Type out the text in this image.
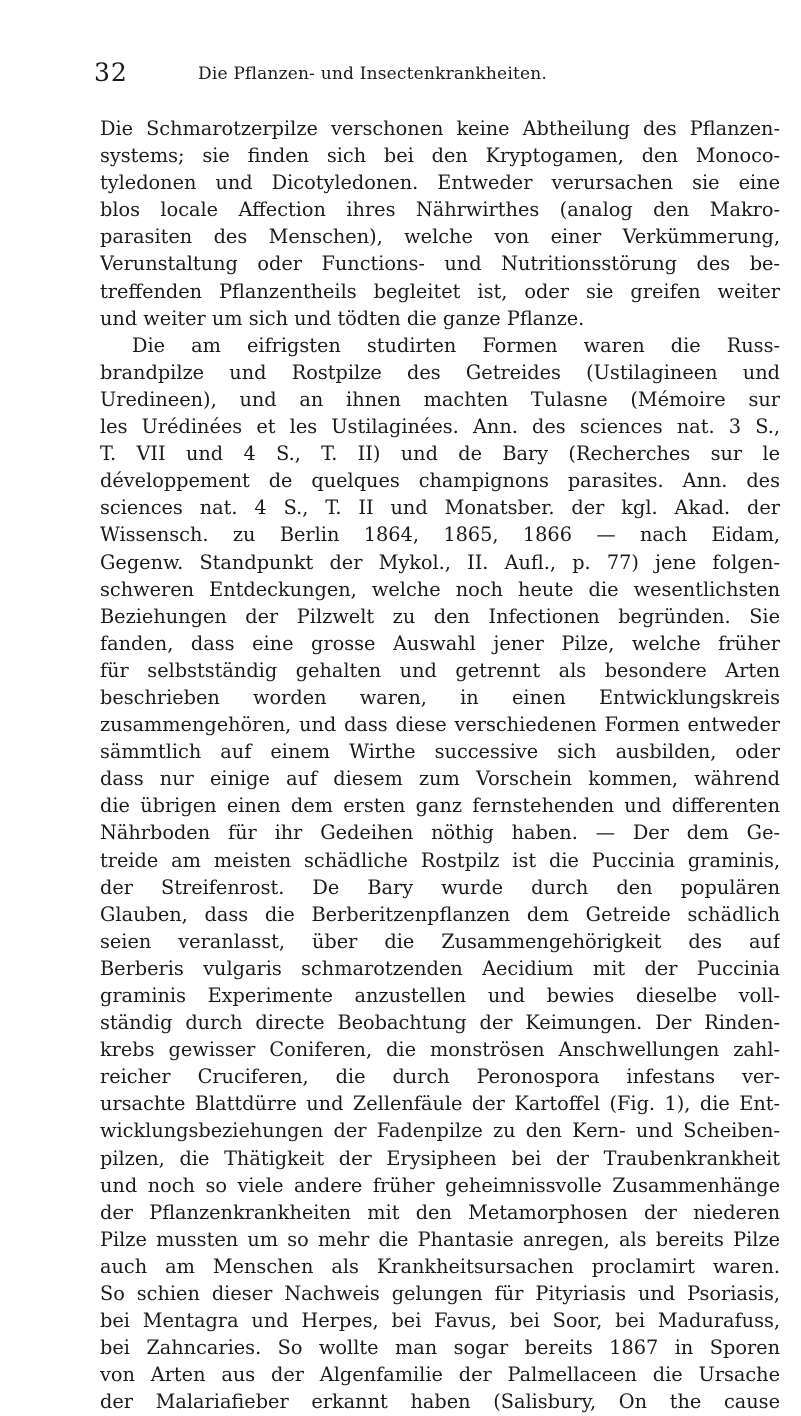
32	Die Pflanzen- und Insectenkrankheiten.
Die Schmarotzerpilze verschonen keine Abtheilung des Pflanzen-
systems; sie finden sich bei den Kryptogamen, den Monoco-
tyledonen und Dicotyledonen. Entweder verursachen sie eine
blos locale Affection ihres Nährwirthes (analog den Makro-
parasiten des Menschen), welche von einer Verkümmerung,
Verunstaltung oder Functions- und Nutritionsstörung des be-
treffenden Pflanzentheils begleitet ist, oder sie greifen weiter
und weiter um sich und tödten die ganze Pflanze.
Die am eifrigsten studirten Formen waren die Russ-
brandpilze und Rostpilze des Getreides (Ustilagineen und
Uredineen), und an ihnen machten Tulasne (Mémoire sur
les Urédinées et les Ustilaginées. Ann. des sciences nat. 3 S.,
T. VII und 4 S., T. II) und de Bary (Recherches sur le
développement de quelques champignons parasites. Ann. des
sciences nat. 4 S., T. II und Monatsber. der kgl. Akad. der
Wissensch. zu Berlin 1864, 1865, 1866 — nach Eidam,
Gegenw. Standpunkt der Mykol., II. Aufl., p. 77) jene folgen-
schweren Entdeckungen, welche noch heute die wesentlichsten
Beziehungen der Pilzwelt zu den Infectionen begründen. Sie
fanden, dass eine grosse Auswahl jener Pilze, welche früher
für selbstständig gehalten und getrennt als besondere Arten
beschrieben worden waren, in einen Entwicklungskreis
zusammengehören, und dass diese verschiedenen Formen entweder
sämmtlich auf einem Wirthe successive sich ausbilden, oder
dass nur einige auf diesem zum Vorschein kommen, während
die übrigen einen dem ersten ganz fernstehenden und differenten
Nährboden für ihr Gedeihen nöthig haben. — Der dem Ge-
treide am meisten schädliche Rostpilz ist die Puccinia graminis,
der Streifenrost. De Bary wurde durch den populären
Glauben, dass die Berberitzenpflanzen dem Getreide schädlich
seien veranlasst, über die Zusammengehörigkeit des auf
Berberis vulgaris schmarotzenden Aecidium mit der Puccinia
graminis Experimente anzustellen und bewies dieselbe voll-
ständig durch directe Beobachtung der Keimungen. Der Rinden-
krebs gewisser Coniferen, die monströsen Anschwellungen zahl-
reicher Cruciferen, die durch Peronospora infestans ver-
ursachte Blattdürre und Zellenfäule der Kartoffel (Fig. 1), die Ent-
wicklungsbeziehungen der Fadenpilze zu den Kern- und Scheiben-
pilzen, die Thätigkeit der Erysipheen bei der Traubenkrankheit
und noch so viele andere früher geheimnissvolle Zusammenhänge
der Pflanzenkrankheiten mit den Metamorphosen der niederen
Pilze mussten um so mehr die Phantasie anregen, als bereits Pilze
auch am Menschen als Krankheitsursachen proclamirt waren.
So schien dieser Nachweis gelungen für Pityriasis und Psoriasis,
bei Mentagra und Herpes, bei Favus, bei Soor, bei Madurafuss,
bei Zahncaries. So wollte man sogar bereits 1867 in Sporen
von Arten aus der Algenfamilie der Palmellaceen die Ursache
der Malariafieber erkannt haben (Salisbury, On the cause
